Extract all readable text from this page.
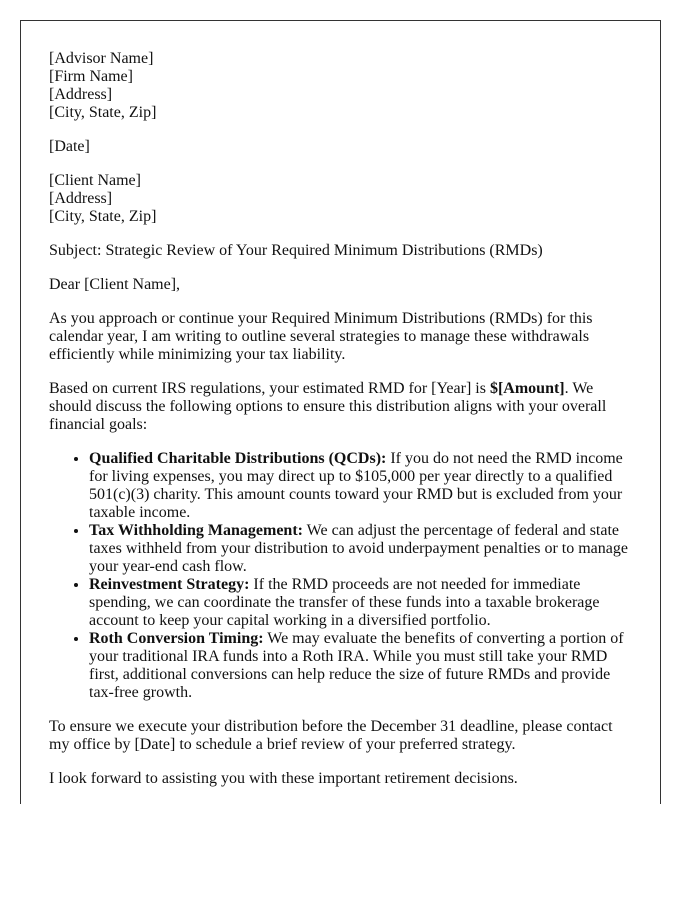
[Advisor Name]
[Firm Name]
[Address]
[City, State, Zip]

[Date]

[Client Name]
[Address]
[City, State, Zip]

Subject: Strategic Review of Your Required Minimum Distributions (RMDs)

Dear [Client Name],

As you approach or continue your Required Minimum Distributions (RMDs) for this calendar year, I am writing to outline several strategies to manage these withdrawals efficiently while minimizing your tax liability.

Based on current IRS regulations, your estimated RMD for [Year] is $[Amount]. We should discuss the following options to ensure this distribution aligns with your overall financial goals:

• Qualified Charitable Distributions (QCDs): If you do not need the RMD income for living expenses, you may direct up to $105,000 per year directly to a qualified 501(c)(3) charity. This amount counts toward your RMD but is excluded from your taxable income.
• Tax Withholding Management: We can adjust the percentage of federal and state taxes withheld from your distribution to avoid underpayment penalties or to manage your year-end cash flow.
• Reinvestment Strategy: If the RMD proceeds are not needed for immediate spending, we can coordinate the transfer of these funds into a taxable brokerage account to keep your capital working in a diversified portfolio.
• Roth Conversion Timing: We may evaluate the benefits of converting a portion of your traditional IRA funds into a Roth IRA. While you must still take your RMD first, additional conversions can help reduce the size of future RMDs and provide tax-free growth.

To ensure we execute your distribution before the December 31 deadline, please contact my office by [Date] to schedule a brief review of your preferred strategy.

I look forward to assisting you with these important retirement decisions.
